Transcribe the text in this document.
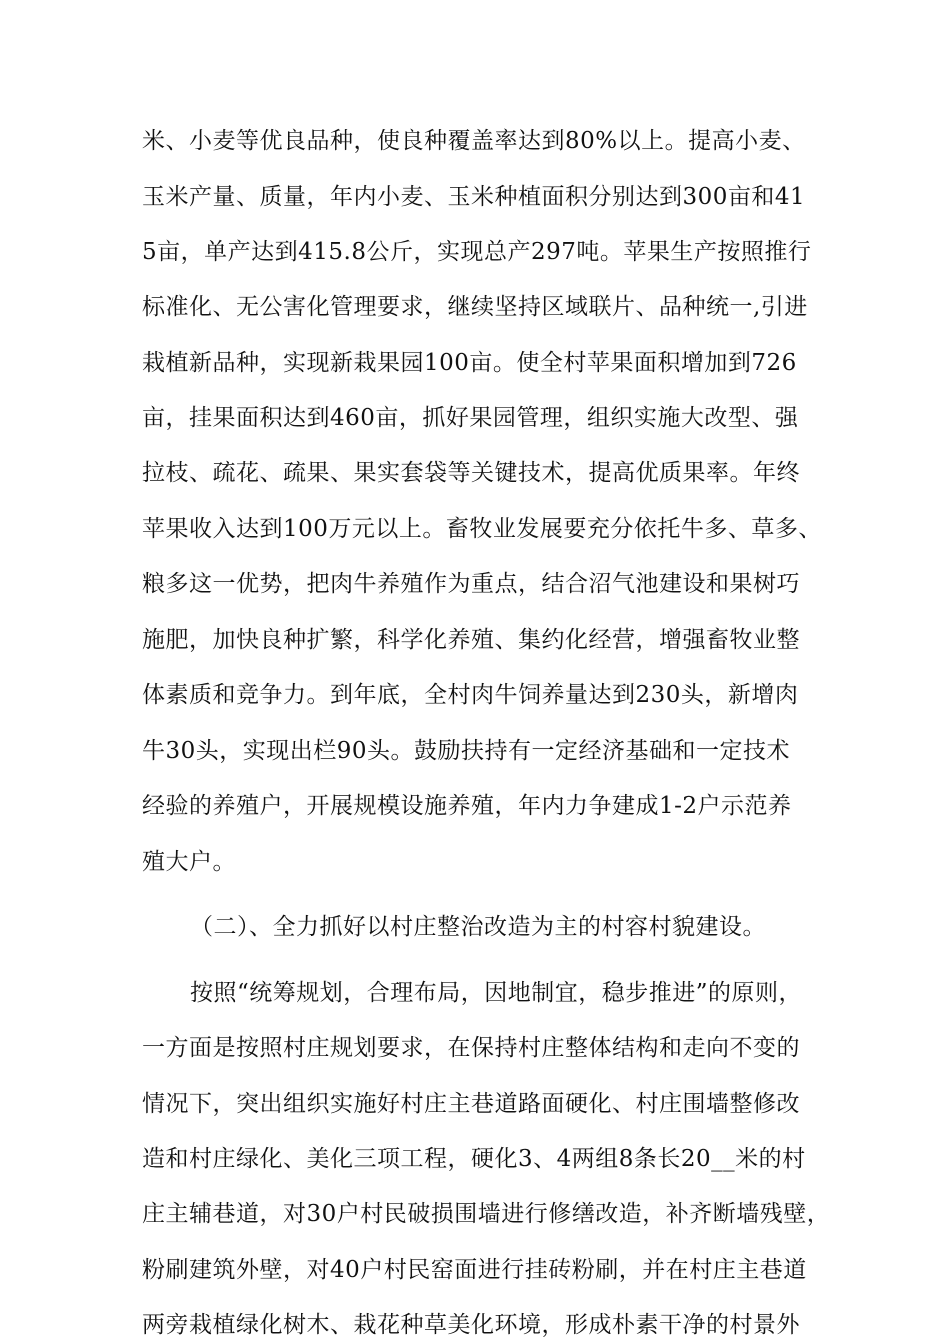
米、小麦等优良品种，使良种覆盖率达到80%以上。提高小麦、
玉米产量、质量，年内小麦、玉米种植面积分别达到300亩和41
5亩，单产达到415.8公斤，实现总产297吨。苹果生产按照推行
标准化、无公害化管理要求，继续坚持区域联片、品种统一,引进
栽植新品种，实现新栽果园100亩。使全村苹果面积增加到726
亩，挂果面积达到460亩，抓好果园管理，组织实施大改型、强
拉枝、疏花、疏果、果实套袋等关键技术，提高优质果率。年终
苹果收入达到100万元以上。畜牧业发展要充分依托牛多、草多、
粮多这一优势，把肉牛养殖作为重点，结合沼气池建设和果树巧
施肥，加快良种扩繁，科学化养殖、集约化经营，增强畜牧业整
体素质和竞争力。到年底，全村肉牛饲养量达到230头，新增肉
牛30头，实现出栏90头。鼓励扶持有一定经济基础和一定技术
经验的养殖户，开展规模设施养殖，年内力争建成1-2户示范养
殖大户。
（二）、全力抓好以村庄整治改造为主的村容村貌建设。
按照“统筹规划，合理布局，因地制宜，稳步推进”的原则，
一方面是按照村庄规划要求，在保持村庄整体结构和走向不变的
情况下，突出组织实施好村庄主巷道路面硬化、村庄围墙整修改
造和村庄绿化、美化三项工程，硬化3、4两组8条长20__米的村
庄主辅巷道，对30户村民破损围墙进行修缮改造，补齐断墙残壁，
粉刷建筑外壁，对40户村民窑面进行挂砖粉刷，并在村庄主巷道
两旁栽植绿化树木、栽花种草美化环境，形成朴素干净的村景外
